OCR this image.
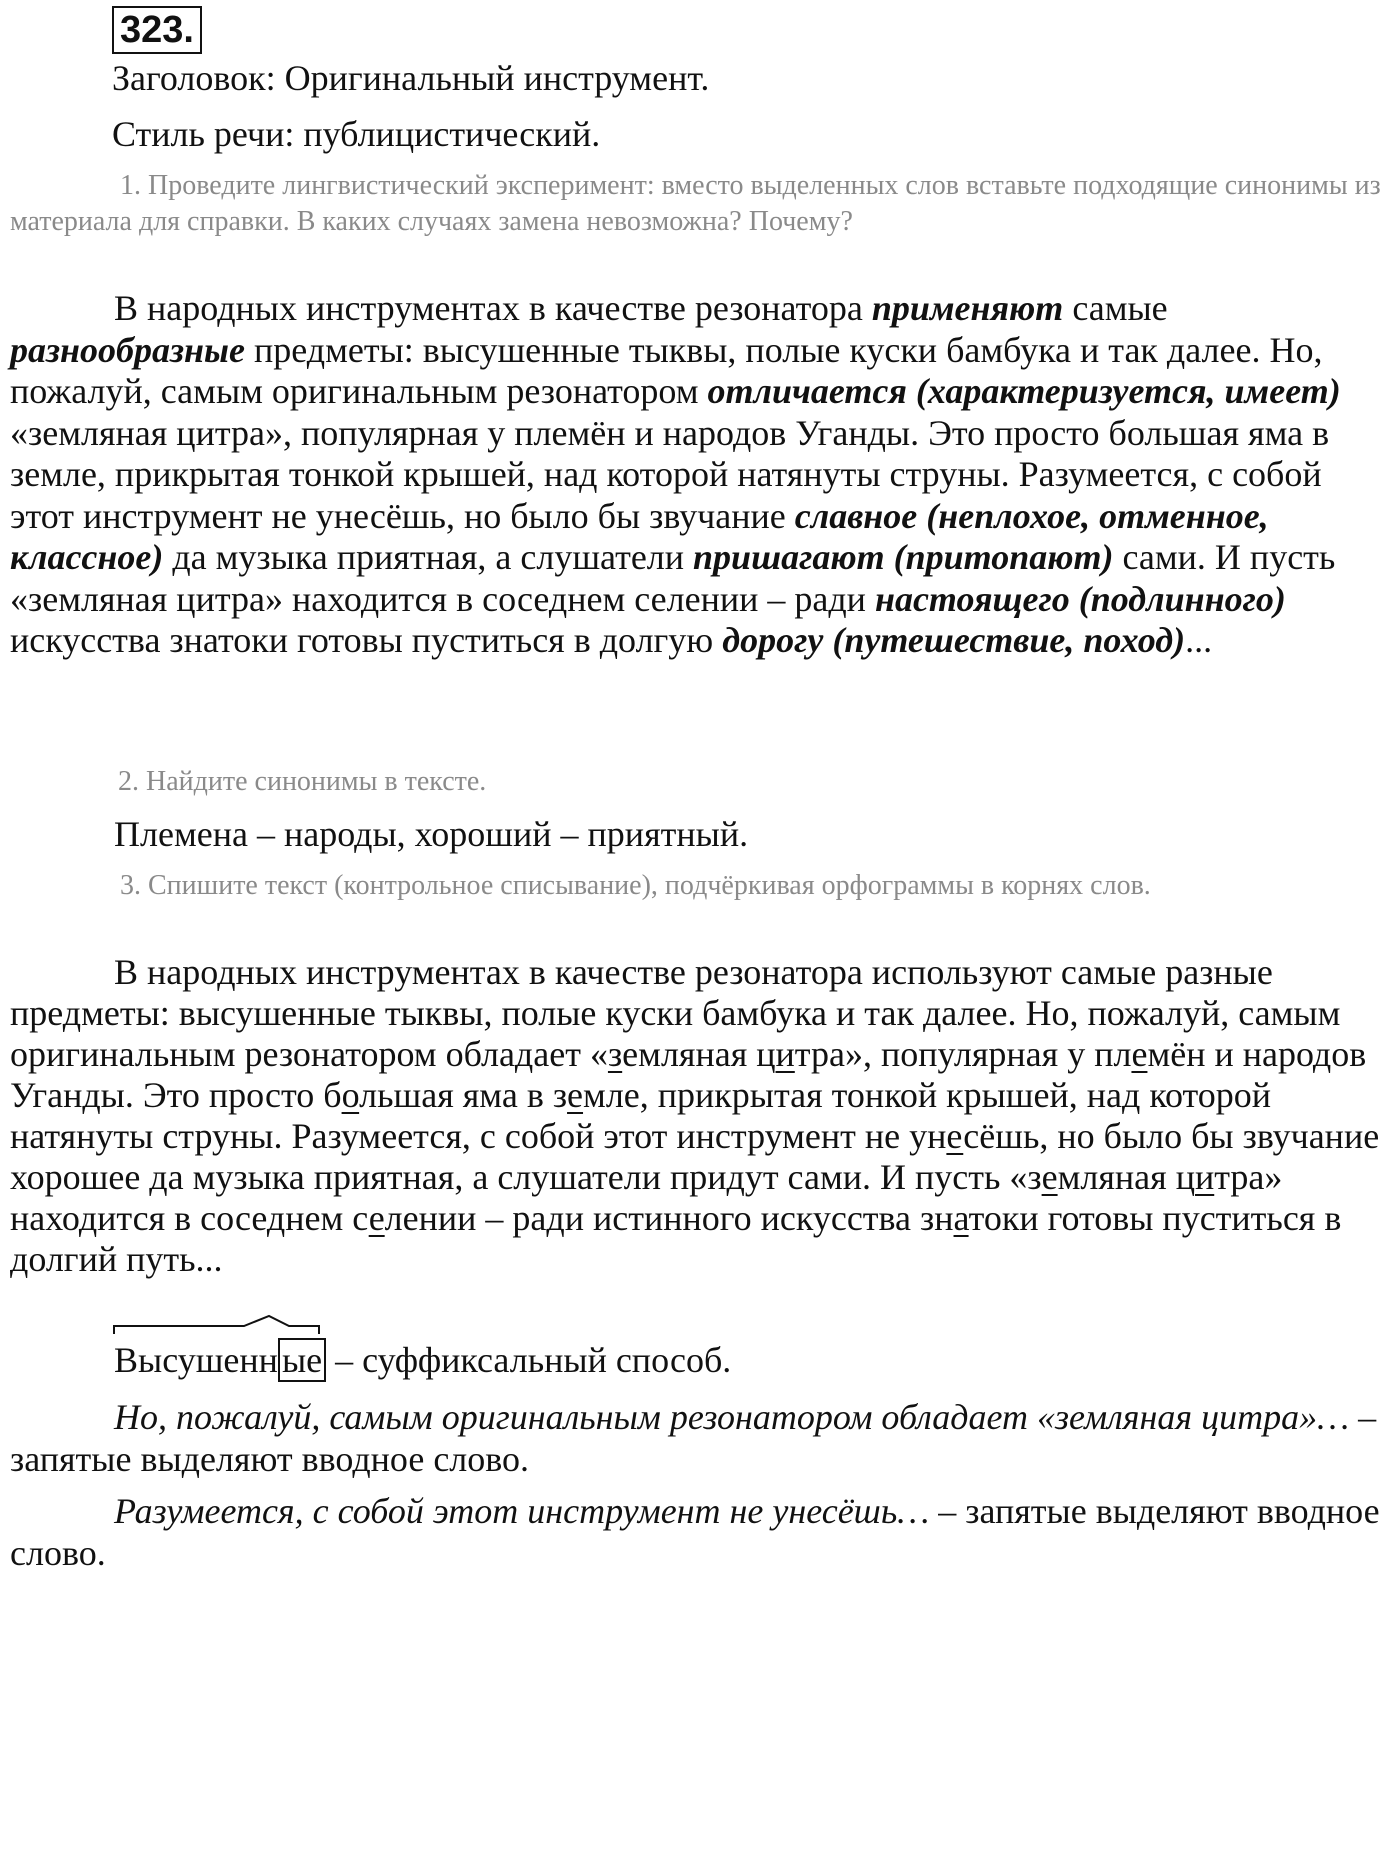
323.

Заголовок: Оригинальный инструмент.

Стиль речи: публицистический.

1. Проведите лингвистический эксперимент: вместо выделенных слов вставьте подходящие синонимы из материала для справки. В каких случаях замена невозможна? Почему?

В народных инструментах в качестве резонатора применяют самые разнообразные предметы: высушенные тыквы, полые куски бамбука и так далее. Но, пожалуй, самым оригинальным резонатором отличается (характеризуется, имеет) «земляная цитра», популярная у племён и народов Уганды. Это просто большая яма в земле, прикрытая тонкой крышей, над которой натянуты струны. Разумеется, с собой этот инструмент не унесёшь, но было бы звучание славное (неплохое, отменное, классное) да музыка приятная, а слушатели пришагают (притопают) сами. И пусть «земляная цитра» находится в соседнем селении – ради настоящего (подлинного) искусства знатоки готовы пуститься в долгую дорогу (путешествие, поход)...

2. Найдите синонимы в тексте.

Племена – народы, хороший – приятный.

3. Спишите текст (контрольное списывание), подчёркивая орфограммы в корнях слов.

В народных инструментах в качестве резонатора используют самые разные предметы: высушенные тыквы, полые куски бамбука и так далее. Но, пожалуй, самым оригинальным резонатором обладает «земляная цитра», популярная у племён и народов Уганды. Это просто большая яма в земле, прикрытая тонкой крышей, над которой натянуты струны. Разумеется, с собой этот инструмент не унесёшь, но было бы звучание хорошее да музыка приятная, а слушатели придут сами. И пусть «земляная цитра» находится в соседнем селении – ради истинного искусства знатоки готовы пуститься в долгий путь...

Высушенн ые – суффиксальный способ.

Но, пожалуй, самым оригинальным резонатором обладает «земляная цитра»… – запятые выделяют вводное слово.

Разумеется, с собой этот инструмент не унесёшь… – запятые выделяют вводное слово.
